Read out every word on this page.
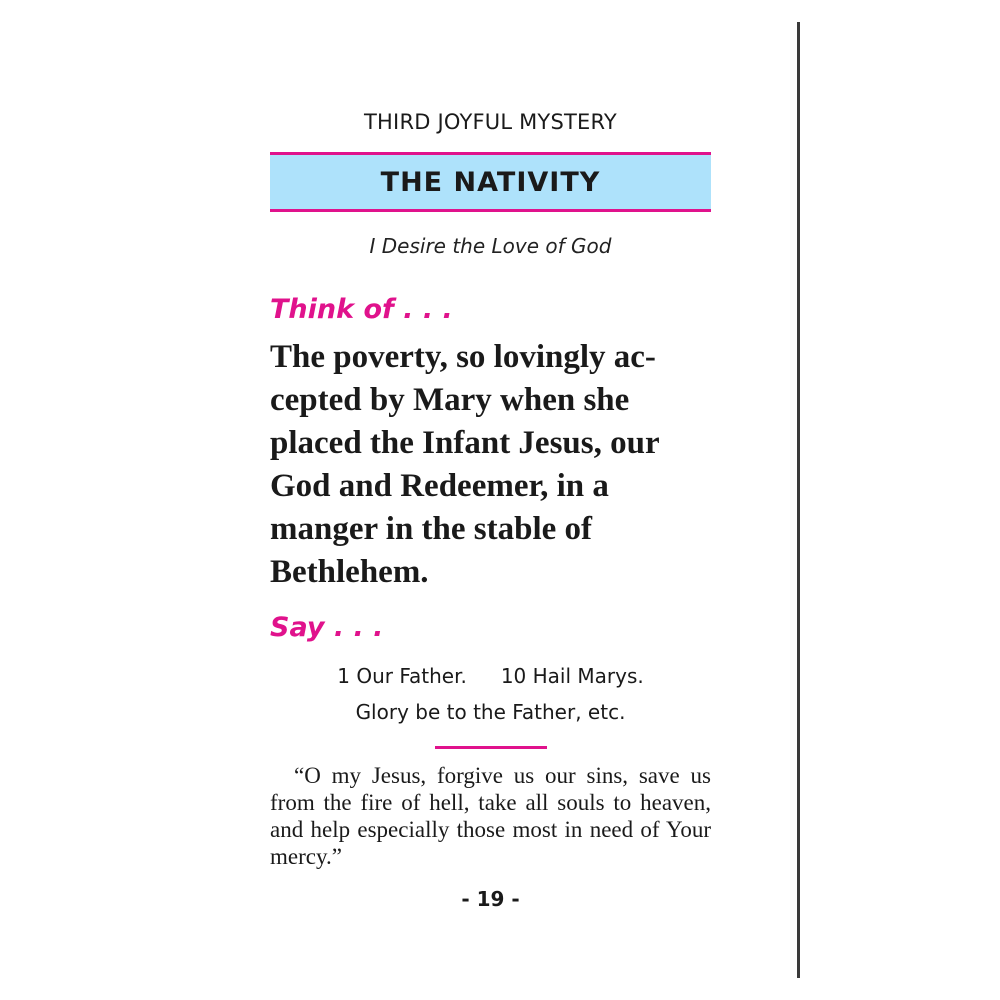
THIRD JOYFUL MYSTERY
THE NATIVITY
I Desire the Love of God
Think of . . .
The poverty, so lovingly ac-
cepted by Mary when she
placed the Infant Jesus, our
God and Redeemer, in a
manger in the stable of
Bethlehem.
Say . . .
1 Our Father. 10 Hail Marys.
Glory be to the Father, etc.
“O my Jesus, forgive us our sins, save us from the fire of hell, take all souls to heaven, and help especially those most in need of Your mercy.”
- 19 -
